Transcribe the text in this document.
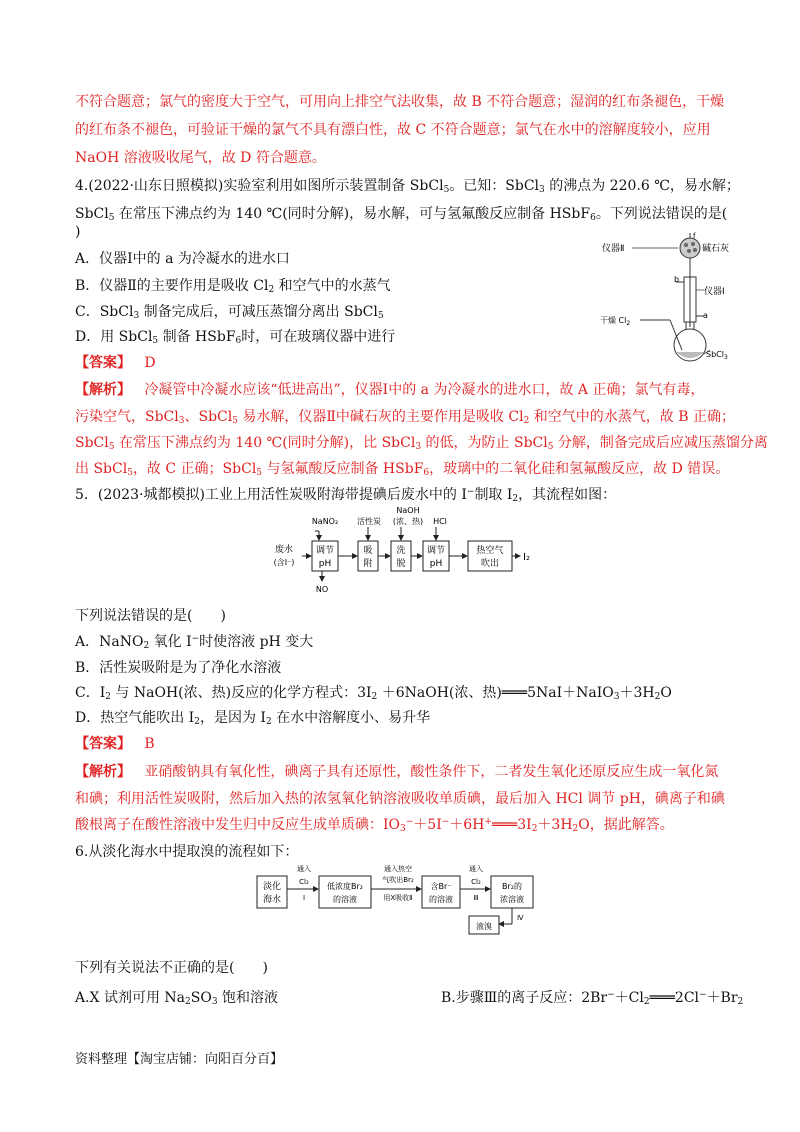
不符合题意；氯气的密度大于空气，可用向上排空气法收集，故 B 不符合题意；湿润的红布条褪色，干燥
的红布条不褪色，可验证干燥的氯气不具有漂白性，故 C 不符合题意；氯气在水中的溶解度较小，应用
NaOH 溶液吸收尾气，故 D 符合题意。
4.(2022·山东日照模拟)实验室利用如图所示装置制备 SbCl$_5$。已知：SbCl$_3$ 的沸点为 220.6 ℃，易水解；
SbCl$_5$ 在常压下沸点约为 140 ℃(同时分解)，易水解，可与氢氟酸反应制备 HSbF$_6$。下列说法错误的是(
)
A．仪器Ⅰ中的 a 为冷凝水的进水口
B．仪器Ⅱ的主要作用是吸收 $Cl_2$ 和空气中的水蒸气
C．SbCl$_3$ 制备完成后，可减压蒸馏分离出 SbCl$_5$
D．用 SbCl$_5$ 制备 HSbF$_6$时，可在玻璃仪器中进行
【答案】 D
【解析】 冷凝管中冷凝水应该“低进高出”，仪器Ⅰ中的 a 为冷凝水的进水口，故 A 正确；氯气有毒，
污染空气，SbCl$_3$、SbCl$_5$ 易水解，仪器Ⅱ中碱石灰的主要作用是吸收 $Cl_2$ 和空气中的水蒸气，故 B 正确；
SbCl$_5$ 在常压下沸点约为 140 ℃(同时分解)，比 SbCl$_3$ 的低，为防止 SbCl$_5$ 分解，制备完成后应减压蒸馏分离
出 SbCl$_5$，故 C 正确；SbCl$_5$ 与氢氟酸反应制备 HSbF$_6$，玻璃中的二氧化硅和氢氟酸反应，故 D 错误。
仪器Ⅱ	碱石灰
f
b
仪器Ⅰ
a
干燥 $Cl_2$
SbCl$_3$
5．(2023·城都模拟)工业上用活性炭吸附海带提碘后废水中的 I−制取 $I_2$，其流程如图：
废水
(含I⁻)
调节
pH
吸
附
洗
脱
调节
pH
热空气
吹出
I₂
NaNO₂ 活性炭
NaOH
(浓、热) HCl
NO
下列说法错误的是(　　)
A．NaNO$_2$ 氧化 I−时使溶液 pH 变大
B．活性炭吸附是为了净化水溶液
C．$I_2$ 与 NaOH(浓、热)反应的化学方程式：$3I_2$ ＋6NaOH(浓、热)$═══5NaI+NaIO_3+3H_2O$
D．热空气能吹出 $I_2$，是因为 $I_2$ 在水中溶解度小、易升华
【答案】 B
【解析】 亚硝酸钠具有氧化性，碘离子具有还原性，酸性条件下，二者发生氧化还原反应生成一氧化氮
和碘；利用活性炭吸附，然后加入热的浓氢氧化钠溶液吸收单质碘，最后加入 HCl 调节 pH，碘离子和碘
酸根离子在酸性溶液中发生归中反应生成单质碘：$IO_3^-+5I^-+6H^+═══3I_2+3H_2O$，据此解答。
6.从淡化海水中提取溴的流程如下：
淡化
海水
通入
Cl₂
Ⅰ
低浓度Br₂
的溶液
通入热空
气吹出Br₂
用X吸收Ⅱ
含Br⁻
的溶液
通入
Cl₂
Ⅲ
Br₂的
浓溶液
Ⅳ
液溴
下列有关说法不正确的是(　　)
A.X 试剂可用 $Na_2SO_3$ 饱和溶液	B.步骤Ⅲ的离子反应：$2Br^-+Cl_2═══2Cl^-+Br_2$
资料整理【淘宝店铺：向阳百分百】
